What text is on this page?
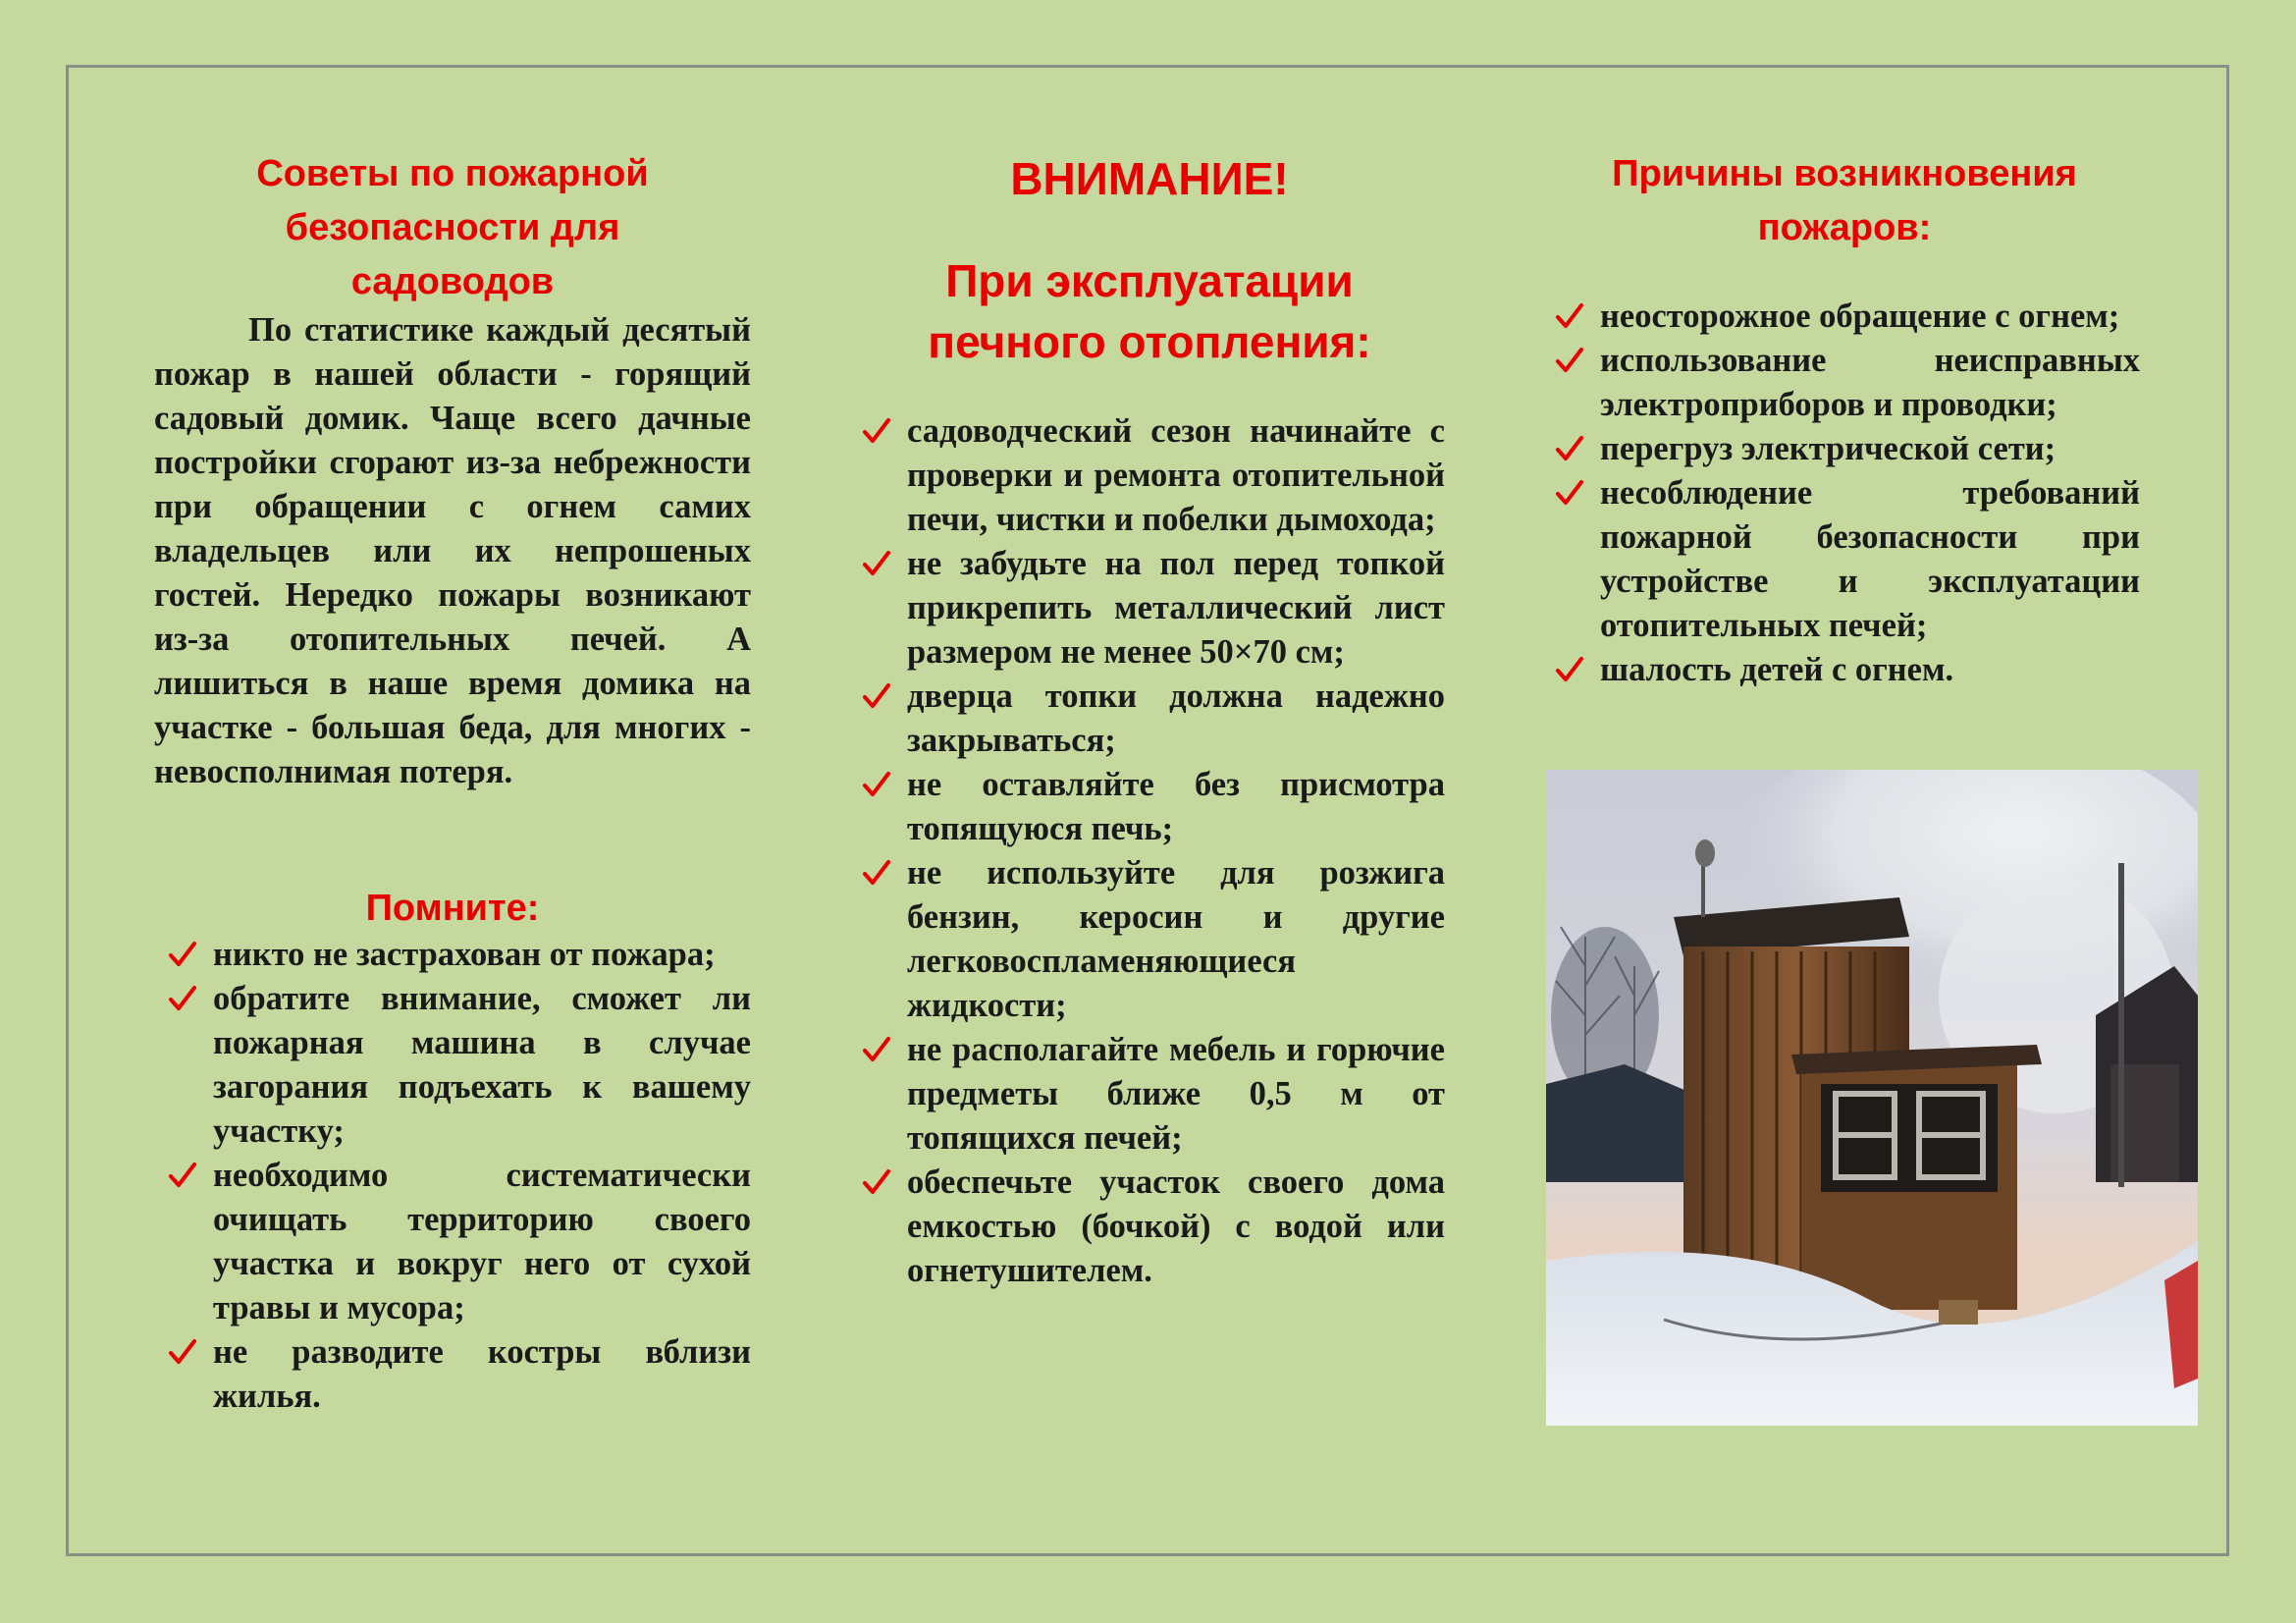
Советы по пожарной

безопасности для

садоводов

По статистике каждый десятый пожар в нашей области - горящий садовый домик. Чаще всего дачные постройки сгорают из-за небрежности при обращении с огнем самих владельцев или их непрошеных гостей. Нередко пожары возникают из-за отопительных печей. А лишиться в наше время домика на участке - большая беда, для многих - невосполнимая потеря.

Помните:

никто не застрахован от пожара;
обратите внимание, сможет ли пожарная машина в случае загорания подъехать к вашему участку;
необходимо систематически очищать территорию своего участка и вокруг него от сухой травы и мусора;
не разводите костры вблизи жилья.

ВНИМАНИЕ!

При эксплуатации

печного отопления:

садоводческий сезон начинайте с проверки и ремонта отопительной печи, чистки и побелки дымохода;
не забудьте на пол перед топкой прикрепить металлический лист размером не менее 50×70 см;
дверца топки должна надежно закрываться;
не оставляйте без присмотра топящуюся печь;
не используйте для розжига бензин, керосин и другие легковоспламеняющиеся жидкости;
не располагайте мебель и горючие предметы ближе 0,5 м от топящихся печей;
обеспечьте участок своего дома емкостью (бочкой) с водой или огнетушителем.

Причины возникновения

пожаров:

неосторожное обращение с огнем;
использование неисправных электроприборов и проводки;
перегруз электрической сети;
несоблюдение требований пожарной безопасности при устройстве и эксплуатации отопительных печей;
шалость детей с огнем.
